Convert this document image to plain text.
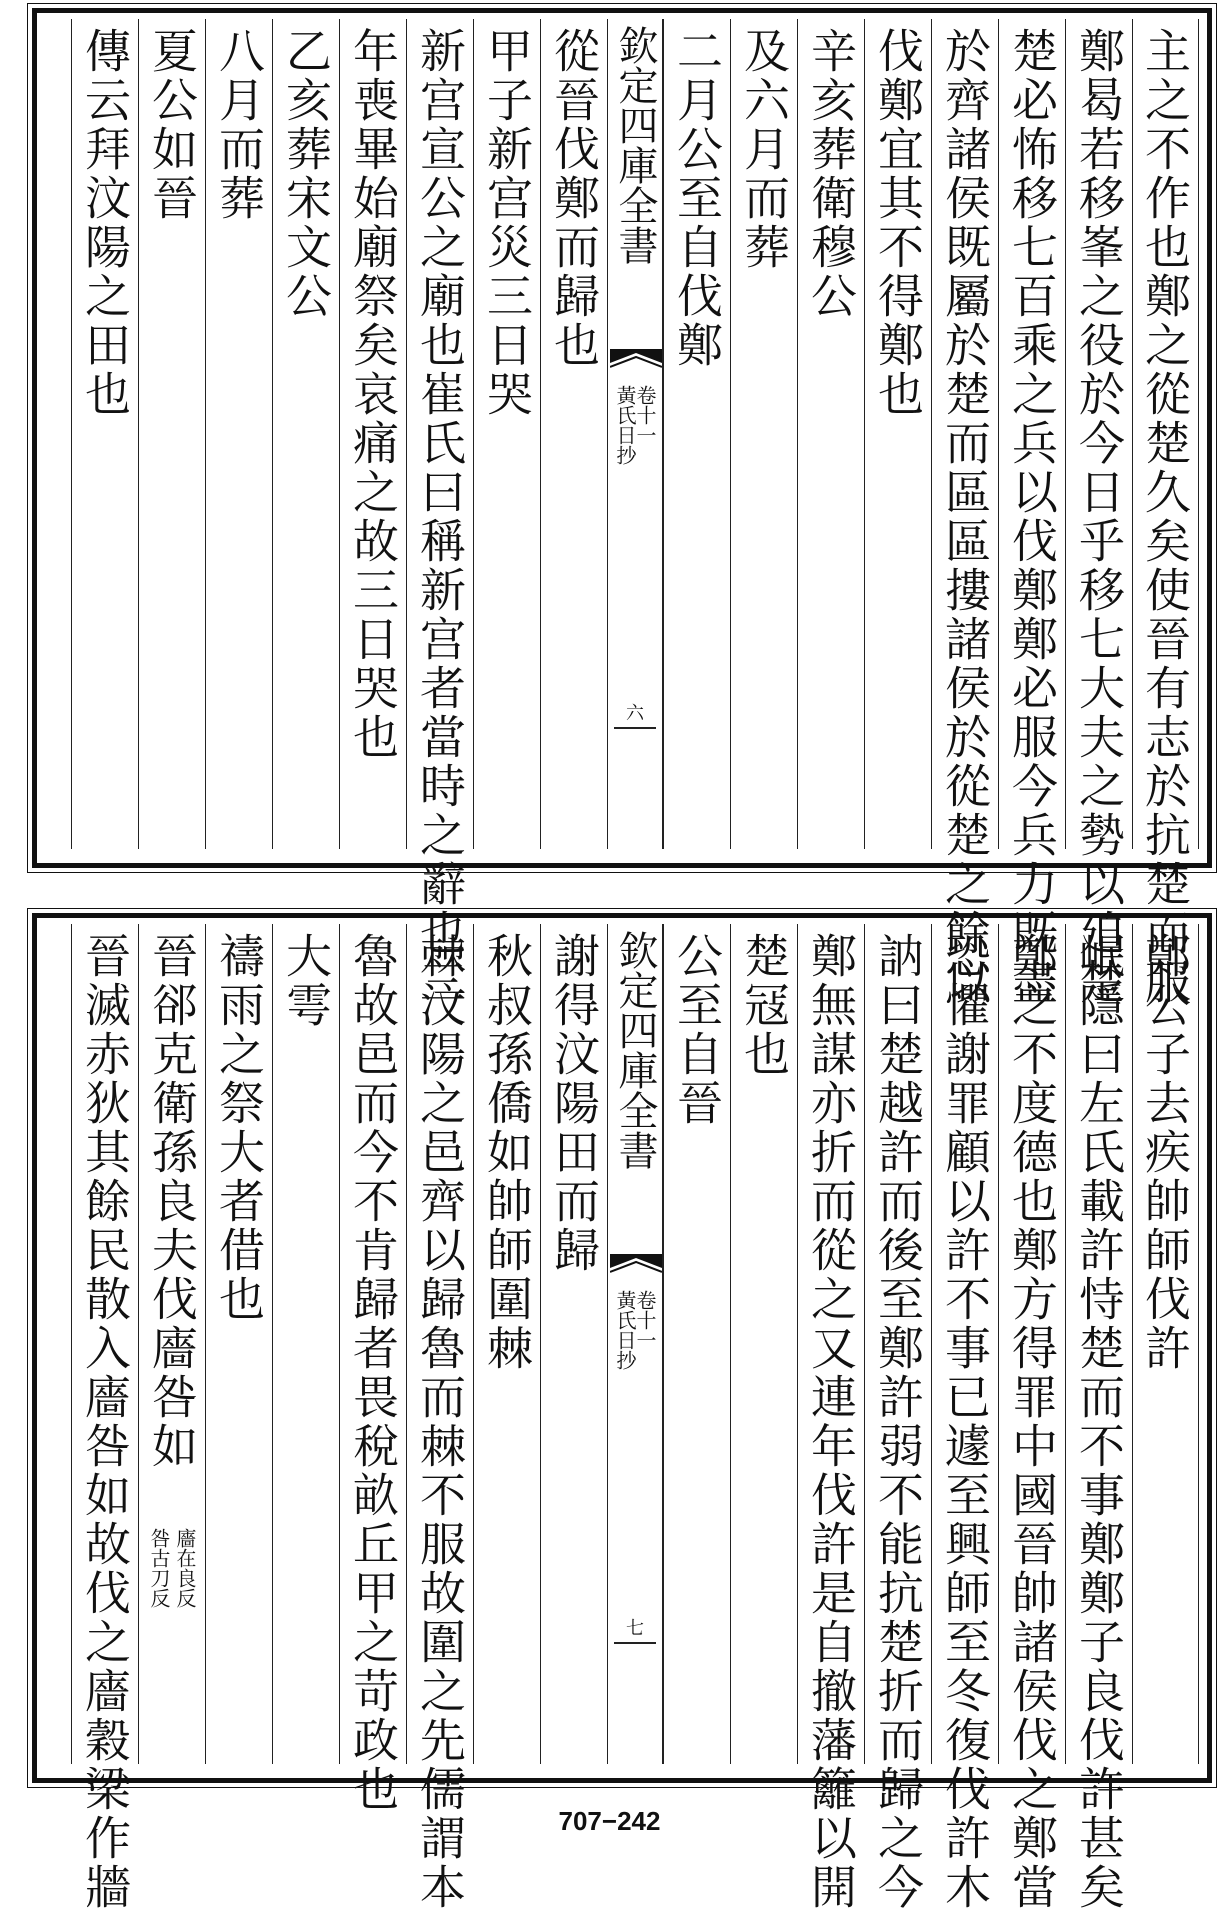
主之不作也鄭之從楚久矣使晉有志於抗楚而服
鄭曷若移峯之役於今日乎移七大夫之勢以廹楚
楚必怖移七百乘之兵以伐鄭鄭必服今兵力既盡
於齊諸侯既屬於楚而區區摟諸侯於從楚之餘以
伐鄭宜其不得鄭也
辛亥葬衛穆公
及六月而葬
二月公至自伐鄭
欽定四庫全書
黃氏日抄
卷十一
六
從晉伐鄭而歸也
甲子新宫災三日哭
新宫宣公之廟也崔氏曰稱新宫者當時之辭也三
年喪畢始廟祭矣哀痛之故三日哭也
乙亥葬宋文公
八月而葬
夏公如晉
傳云拜汶陽之田也
鄭公子去疾帥師伐許
岷隱曰左氏載許恃楚而不事鄭鄭子良伐許甚矣
鄭之不度德也鄭方得罪中國晉帥諸侯伐之鄭當
恐懼謝罪顧以許不事已遽至興師至冬復伐許木
訥曰楚越許而後至鄭許弱不能抗楚折而歸之今
鄭無謀亦折而從之又連年伐許是自撤藩籬以開
楚冦也
公至自晉
欽定四庫全書
黃氏日抄
卷十一
七
謝得汶陽田而歸
秋叔孫僑如帥師圍棘
棘汶陽之邑齊以歸魯而棘不服故圍之先儒謂本
魯故邑而今不肯歸者畏稅畝丘甲之苛政也
大雩
禱雨之祭大者借也
晉郤克衛孫良夫伐廧咎如
廧在良反
咎古刀反
晉滅赤狄其餘民散入廧咎如故伐之廧穀梁作牆	707−242
